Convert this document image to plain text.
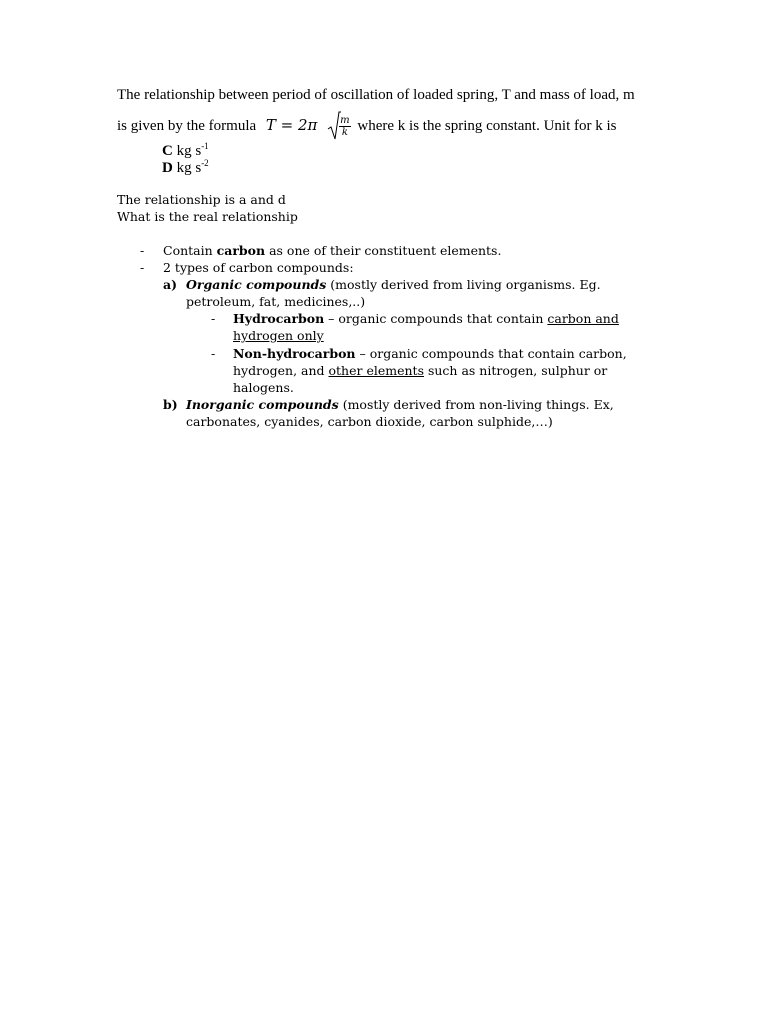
The relationship between period of oscillation of loaded spring, T and mass of load, m
is given by the formula $T = 2\pi \frac{m}{k}$ where k is the spring constant. Unit for k is
C kg $s^{-1}$
D kg $s^{-2}$
The relationship is a and d
What is the real relationship
- Contain carbon as one of their constituent elements.
- 2 types of carbon compounds:
a) Organic compounds (mostly derived from living organisms. Eg.
petroleum, fat, medicines,..)
- Hydrocarbon – organic compounds that contain carbon and
hydrogen only
- Non-hydrocarbon – organic compounds that contain carbon,
hydrogen, and other elements such as nitrogen, sulphur or
halogens.
b) Inorganic compounds (mostly derived from non-living things. Ex,
carbonates, cyanides, carbon dioxide, carbon sulphide,…)
